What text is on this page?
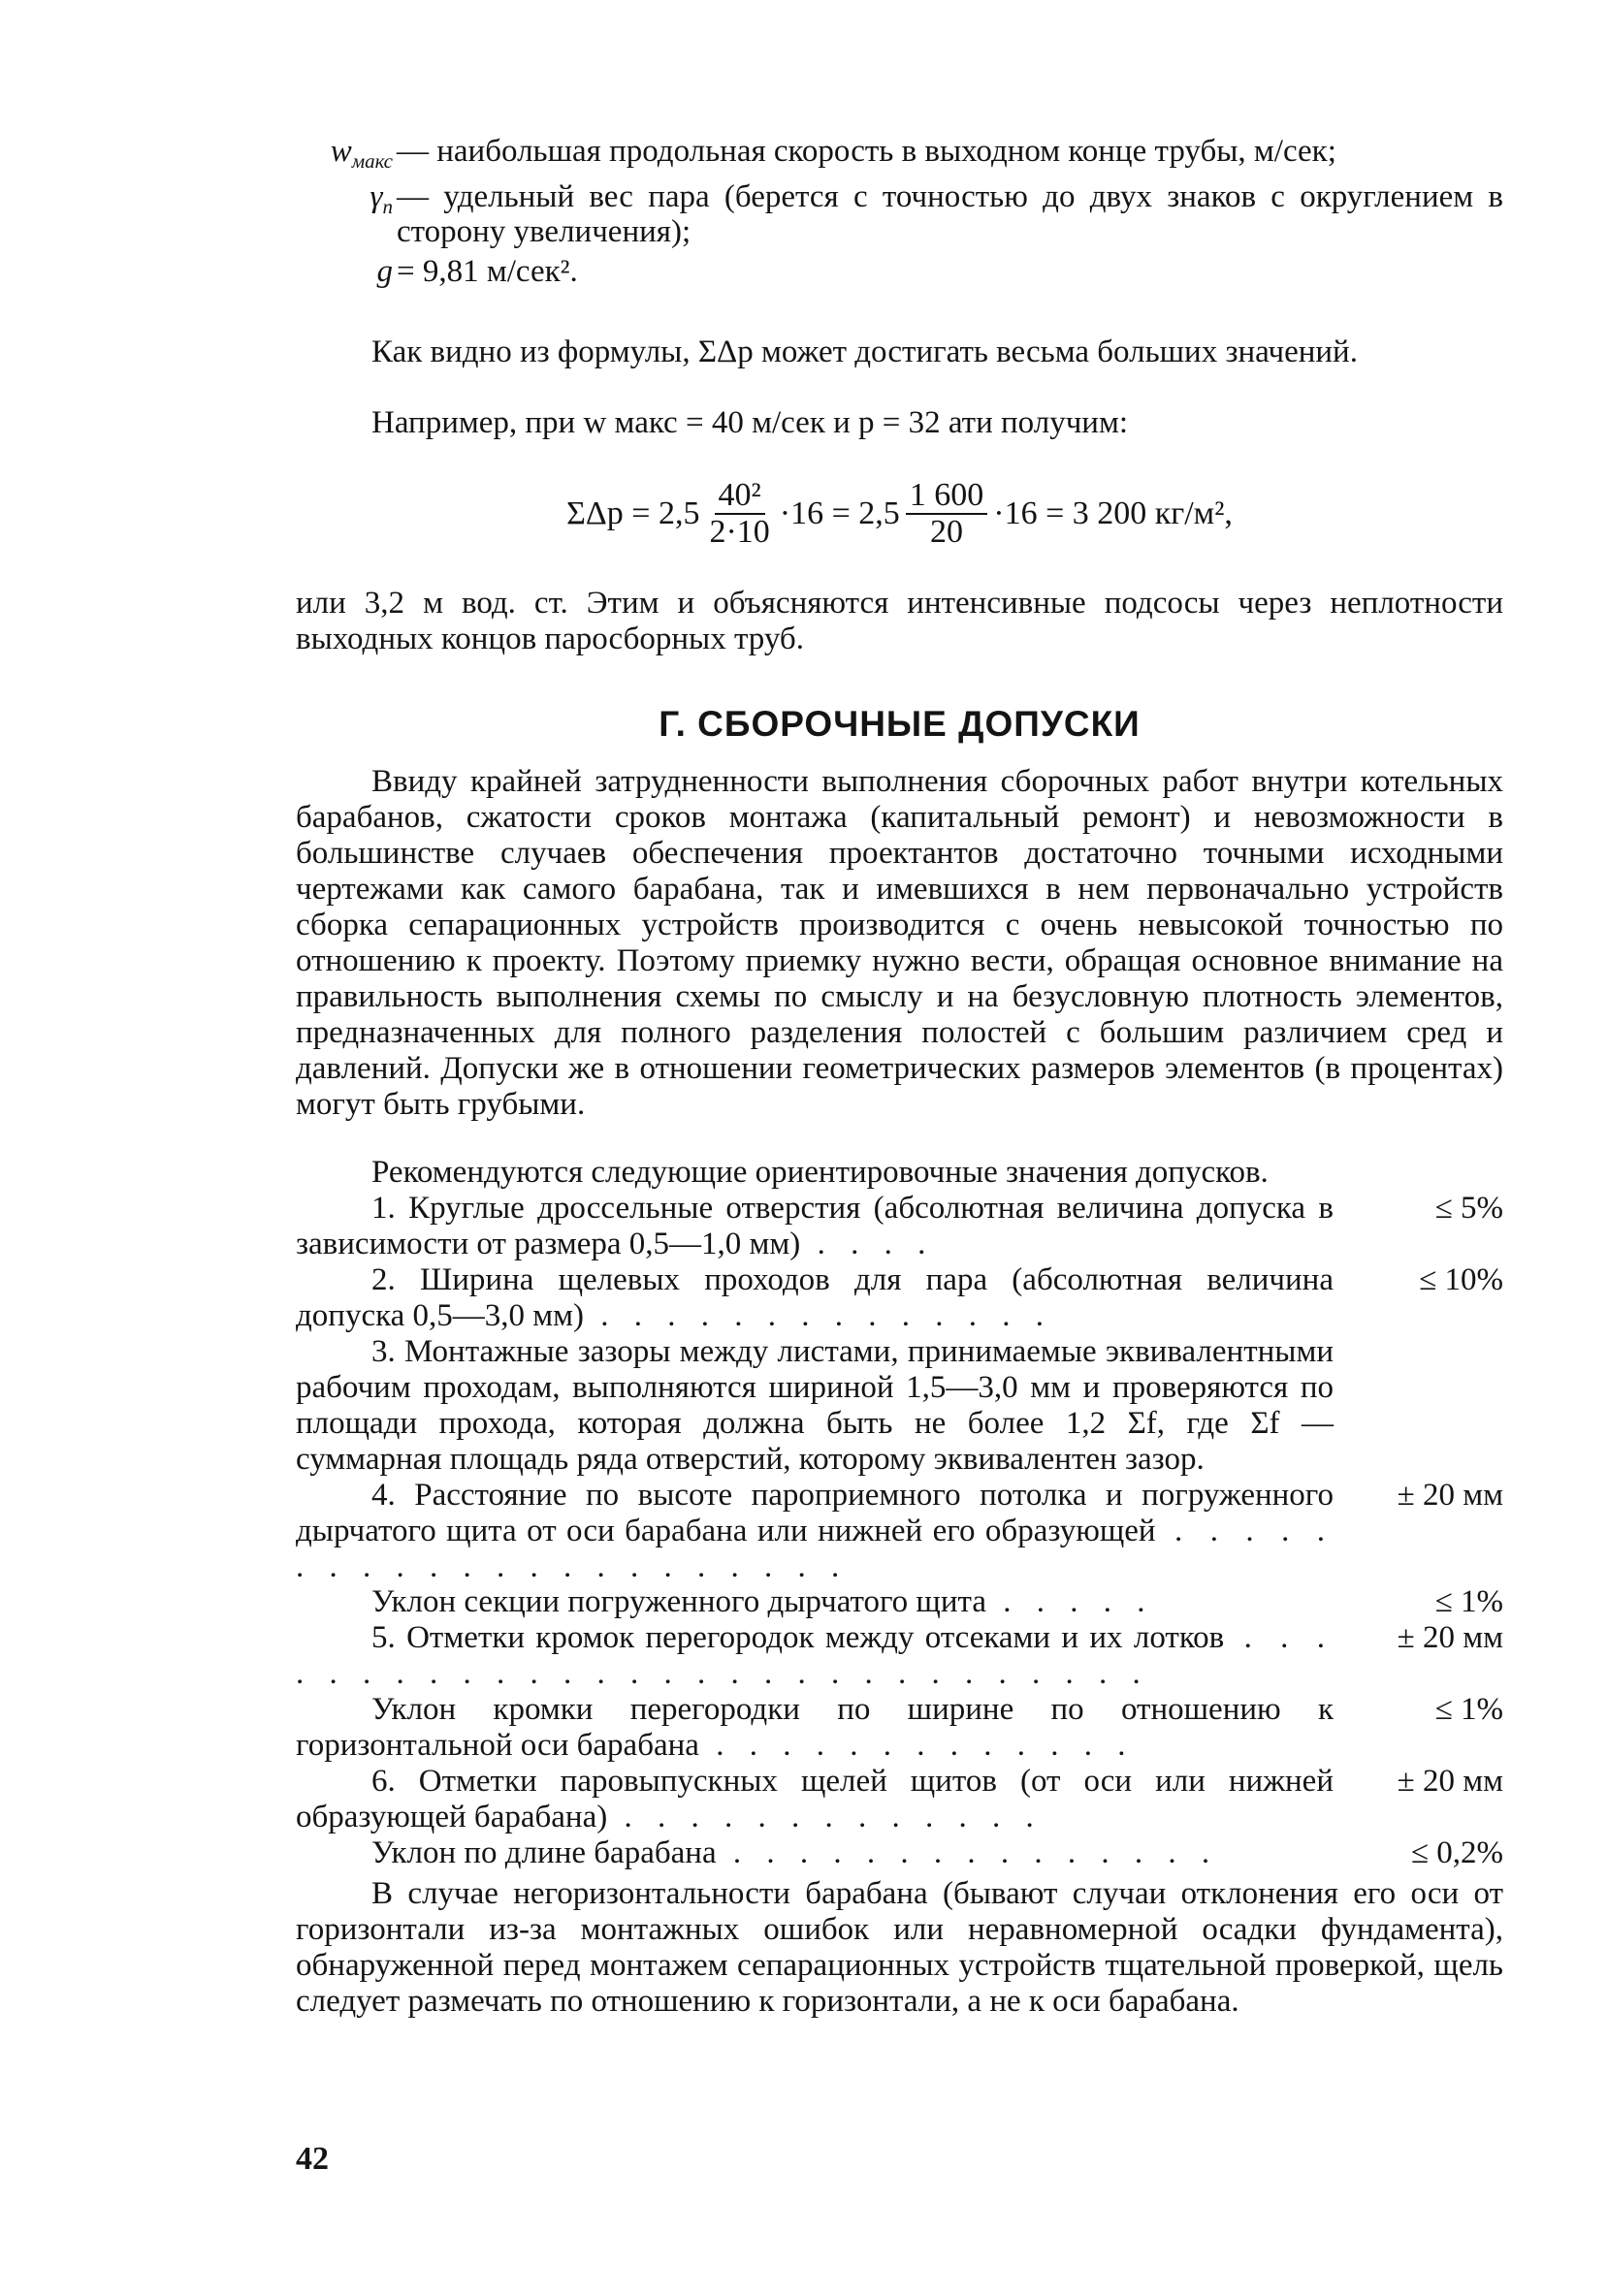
$w_{макс}$ — наибольшая продольная скорость в выходном конце трубы, м/сек;
$\gamma_п$ — удельный вес пара (берется с точностью до двух знаков с округлением в сторону увеличения);
g = 9,81 м/сек².
Как видно из формулы, ΣΔp может достигать весьма больших значений.
Например, при w макс = 40 м/сек и p = 32 ати получим:
$\Sigma\Delta p = 2,5 \frac{\text{40²}}{2\cdot 10} \cdot 16 = 2,5 \frac{1 600}{20} \cdot 16 = 3$ 200 кг/м²,
или 3,2 м вод. ст. Этим и объясняются интенсивные подсосы через неплотности выходных концов паросборных труб.
Г. СБОРОЧНЫЕ ДОПУСКИ
Ввиду крайней затрудненности выполнения сборочных работ внутри котельных барабанов, сжатости сроков монтажа (капитальный ремонт) и невозможности в большинстве случаев обеспечения проектантов достаточно точными исходными чертежами как самого барабана, так и имевшихся в нем первоначально устройств сборка сепарационных устройств производится с очень невысокой точностью по отношению к проекту. Поэтому приемку нужно вести, обращая основное внимание на правильность выполнения схемы по смыслу и на безусловную плотность элементов, предназначенных для полного разделения полостей с большим различием сред и давлений. Допуски же в отношении геометрических размеров элементов (в процентах) могут быть грубыми.
Рекомендуются следующие ориентировочные значения допусков.
1. Круглые дроссельные отверстия (абсолютная величина допуска в зависимости от размера 0,5—1,0 мм) . . . .
≤ 5%
2. Ширина щелевых проходов для пара (абсолютная величина допуска 0,5—3,0 мм) . . . . . . . . . . . . . .
≤ 10%
3. Монтажные зазоры между листами, принимаемые эквивалентными рабочим проходам, выполняются шириной 1,5—3,0 мм и проверяются по площади прохода, которая должна быть не более 1,2 Σf, где Σf — суммарная площадь ряда отверстий, которому эквивалентен зазор.
4. Расстояние по высоте пароприемного потолка и погруженного дырчатого щита от оси барабана или нижней его образующей . . . . . . . . . . . . . . . . . . . . . .
± 20 мм
Уклон секции погруженного дырчатого щита . . . . .	≤ 1%
5. Отметки кромок перегородок между отсеками и их лотков . . . . . . . . . . . . . . . . . . . . . . . . . . . . .
± 20 мм
Уклон кромки перегородки по ширине по отношению к горизонтальной оси барабана . . . . . . . . . . . . .
≤ 1%
6. Отметки паровыпускных щелей щитов (от оси или нижней образующей барабана) . . . . . . . . . . . . .
± 20 мм
Уклон по длине барабана . . . . . . . . . . . . . . .	≤ 0,2%
В случае негоризонтальности барабана (бывают случаи отклонения его оси от горизонтали из-за монтажных ошибок или неравномерной осадки фундамента), обнаруженной перед монтажем сепарационных устройств тщательной проверкой, щель следует размечать по отношению к горизонтали, а не к оси барабана.
42
